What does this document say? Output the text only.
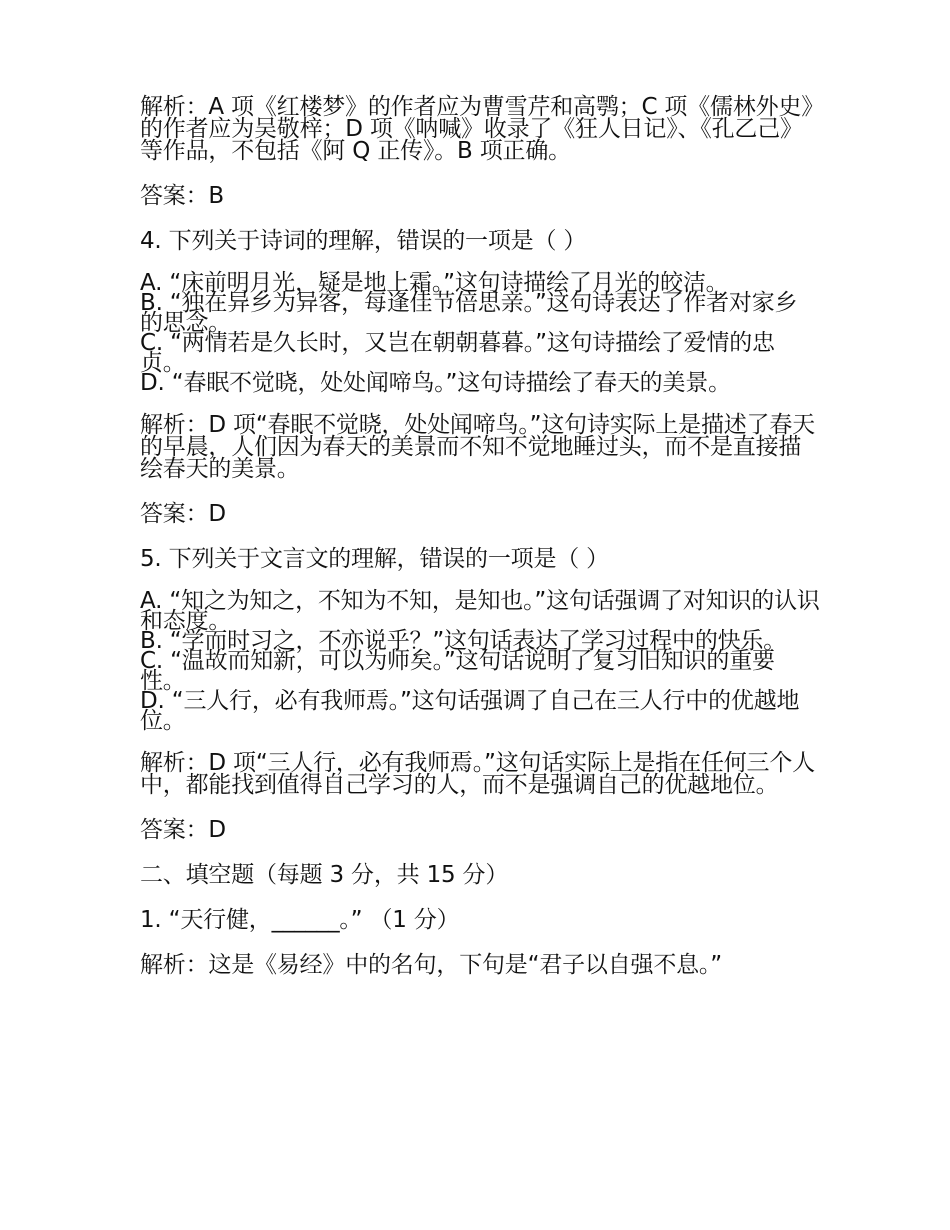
解析：A 项《红楼梦》的作者应为曹雪芹和高鹗；C 项《儒林外史》的作者应为吴敬梓；D 项《呐喊》收录了《狂人日记》、《孔乙己》等作品，不包括《阿 Q 正传》。B 项正确。

答案：B

4. 下列关于诗词的理解，错误的一项是（ ）

A. “床前明月光，疑是地上霜。”这句诗描绘了月光的皎洁。

B. “独在异乡为异客，每逢佳节倍思亲。”这句诗表达了作者对家乡的思念。

C. “两情若是久长时，又岂在朝朝暮暮。”这句诗描绘了爱情的忠贞。

D. “春眠不觉晓，处处闻啼鸟。”这句诗描绘了春天的美景。

解析：D 项“春眠不觉晓，处处闻啼鸟。”这句诗实际上是描述了春天的早晨，人们因为春天的美景而不知不觉地睡过头，而不是直接描绘春天的美景。

答案：D

5. 下列关于文言文的理解，错误的一项是（ ）

A. “知之为知之，不知为不知，是知也。”这句话强调了对知识的认识和态度。

B. “学而时习之，不亦说乎？”这句话表达了学习过程中的快乐。

C. “温故而知新，可以为师矣。”这句话说明了复习旧知识的重要性。

D. “三人行，必有我师焉。”这句话强调了自己在三人行中的优越地位。

解析：D 项“三人行，必有我师焉。”这句话实际上是指在任何三个人中，都能找到值得自己学习的人，而不是强调自己的优越地位。

答案：D

二、填空题（每题 3 分，共 15 分）

1. “天行健，______。” （1 分）

解析：这是《易经》中的名句，下句是“君子以自强不息。”
